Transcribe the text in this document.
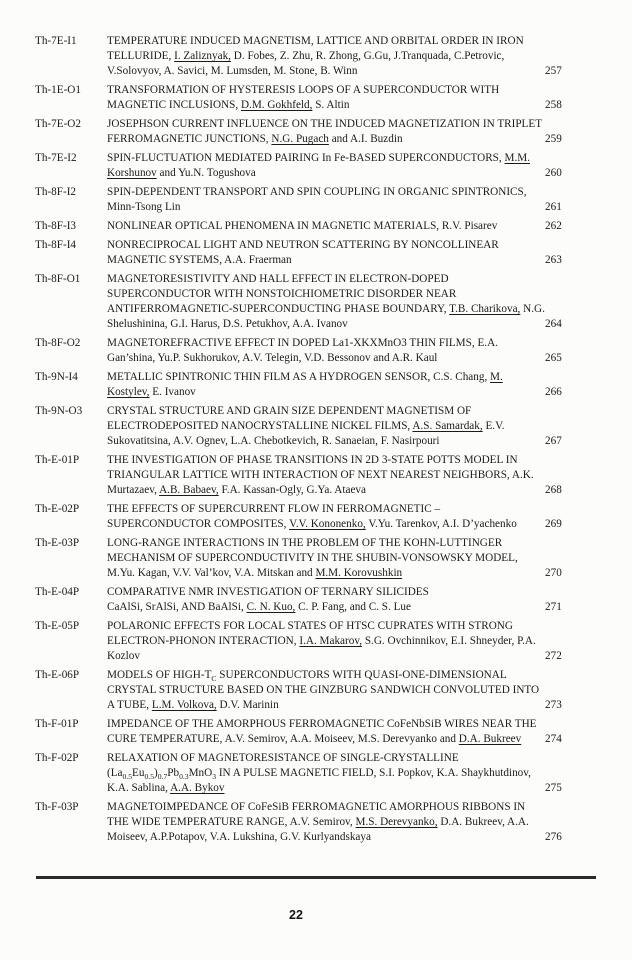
Th-7E-I1	TEMPERATURE INDUCED MAGNETISM, LATTICE AND ORBITAL ORDER IN IRON TELLURIDE, I. Zaliznyak, D. Fobes, Z. Zhu, R. Zhong, G.Gu, J.Tranquada, C.Petrovic, V.Solovyov, A. Savici, M. Lumsden, M. Stone, B. Winn	257
Th-1E-O1	TRANSFORMATION OF HYSTERESIS LOOPS OF A SUPERCONDUCTOR WITH MAGNETIC INCLUSIONS, D.M. Gokhfeld, S. Altin	258
Th-7E-O2	JOSEPHSON CURRENT INFLUENCE ON THE INDUCED MAGNETIZATION IN TRIPLET FERROMAGNETIC JUNCTIONS, N.G. Pugach and A.I. Buzdin	259
Th-7E-I2	SPIN-FLUCTUATION MEDIATED PAIRING In Fe-BASED SUPERCONDUCTORS, M.M. Korshunov and Yu.N. Togushova	260
Th-8F-I2	SPIN-DEPENDENT TRANSPORT AND SPIN COUPLING IN ORGANIC SPINTRONICS, Minn-Tsong Lin	261
Th-8F-I3	NONLINEAR OPTICAL PHENOMENA IN MAGNETIC MATERIALS, R.V. Pisarev	262
Th-8F-I4	NONRECIPROCAL LIGHT AND NEUTRON SCATTERING BY NONCOLLINEAR MAGNETIC SYSTEMS, A.A. Fraerman	263
Th-8F-O1	MAGNETORESISTIVITY AND HALL EFFECT IN ELECTRON-DOPED SUPERCONDUCTOR WITH NONSTOICHIOMETRIC DISORDER NEAR ANTIFERROMAGNETIC-SUPERCONDUCTING PHASE BOUNDARY, T.B. Charikova, N.G. Shelushinina, G.I. Harus, D.S. Petukhov, A.A. Ivanov	264
Th-8F-O2	MAGNETOREFRACTIVE EFFECT IN DOPED La1-XKXMnO3 THIN FILMS, E.A. Gan’shina, Yu.P. Sukhorukov, A.V. Telegin, V.D. Bessonov and A.R. Kaul	265
Th-9N-I4	METALLIC SPINTRONIC THIN FILM AS A HYDROGEN SENSOR, C.S. Chang, M. Kostylev, E. Ivanov	266
Th-9N-O3	CRYSTAL STRUCTURE AND GRAIN SIZE DEPENDENT MAGNETISM OF ELECTRODEPOSITED NANOCRYSTALLINE NICKEL FILMS, A.S. Samardak, E.V. Sukovatitsina, A.V. Ognev, L.A. Chebotkevich, R. Sanaeian, F. Nasirpouri	267
Th-E-01P	THE INVESTIGATION OF PHASE TRANSITIONS IN 2D 3-STATE POTTS MODEL IN TRIANGULAR LATTICE WITH INTERACTION OF NEXT NEAREST NEIGHBORS, A.K. Murtazaev, A.B. Babaev, F.A. Kassan-Ogly, G.Ya. Ataeva	268
Th-E-02P	THE EFFECTS OF SUPERCURRENT FLOW IN FERROMAGNETIC – SUPERCONDUCTOR COMPOSITES, V.V. Kononenko, V.Yu. Tarenkov, A.I. D’yachenko	269
Th-E-03P	LONG-RANGE INTERACTIONS IN THE PROBLEM OF THE KOHN-LUTTINGER MECHANISM OF SUPERCONDUCTIVITY IN THE SHUBIN-VONSOWSKY MODEL, M.Yu. Kagan, V.V. Val’kov, V.A. Mitskan and M.M. Korovushkin	270
Th-E-04P	COMPARATIVE NMR INVESTIGATION OF TERNARY SILICIDES
CaAlSi, SrAlSi, AND BaAlSi, C. N. Kuo, C. P. Fang, and C. S. Lue	271
Th-E-05P	POLARONIC EFFECTS FOR LOCAL STATES OF HTSC CUPRATES WITH STRONG ELECTRON-PHONON INTERACTION, I.A. Makarov, S.G. Ovchinnikov, E.I. Shneyder, P.A. Kozlov	272
Th-E-06P	MODELS OF HIGH-$T_C$ SUPERCONDUCTORS WITH QUASI-ONE-DIMENSIONAL CRYSTAL STRUCTURE BASED ON THE GINZBURG SANDWICH CONVOLUTED INTO A TUBE, L.M. Volkova, D.V. Marinin	273
Th-F-01P	IMPEDANCE OF THE AMORPHOUS FERROMAGNETIC CoFeNbSiB WIRES NEAR THE CURE TEMPERATURE, A.V. Semirov, A.A. Moiseev, M.S. Derevyanko and D.A. Bukreev	274
Th-F-02P	RELAXATION OF MAGNETORESISTANCE OF SINGLE-CRYSTALLINE $(La_{0.5}Eu_{0.5})_{0.7}Pb_{0.3}MnO_3$ IN A PULSE MAGNETIC FIELD, S.I. Popkov, K.A. Shaykhutdinov, K.A. Sablina, A.A. Bykov	275
Th-F-03P	MAGNETOIMPEDANCE OF CoFeSiB FERROMAGNETIC AMORPHOUS RIBBONS IN THE WIDE TEMPERATURE RANGE, A.V. Semirov, M.S. Derevyanko, D.A. Bukreev, A.A. Moiseev, A.P.Potapov, V.A. Lukshina, G.V. Kurlyandskaya	276
22
